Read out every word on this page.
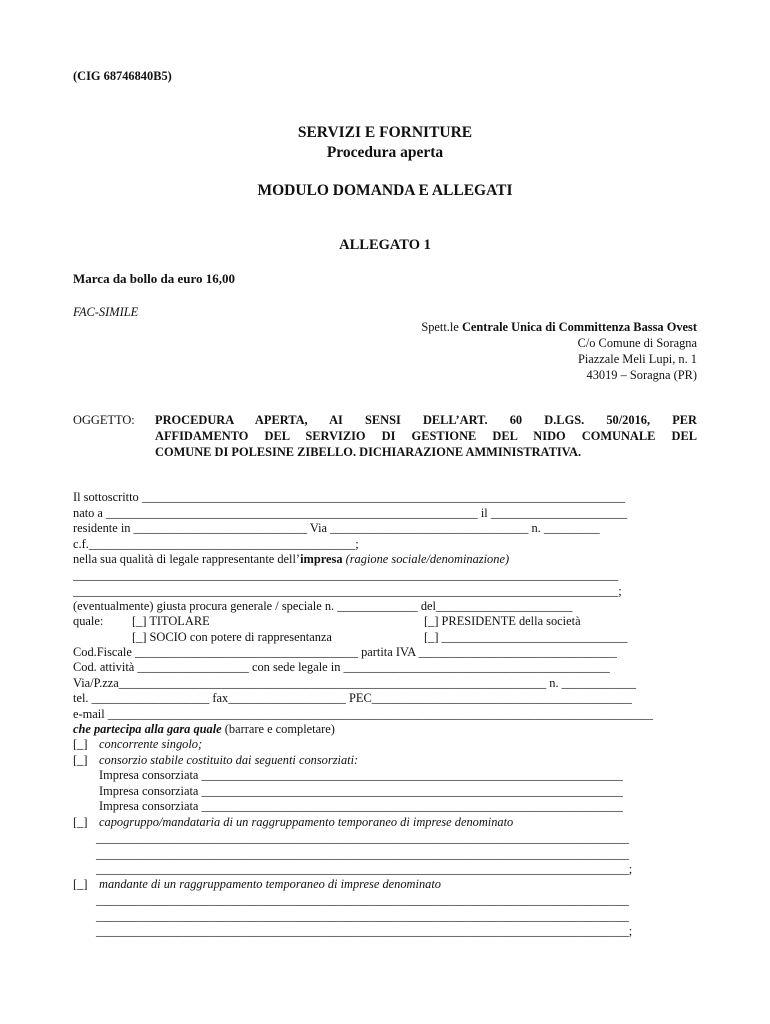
(CIG 68746840B5)
SERVIZI E FORNITURE
Procedura aperta
MODULO DOMANDA E ALLEGATI
ALLEGATO 1
Marca da bollo da euro 16,00
FAC-SIMILE
Spett.le Centrale Unica di Committenza Bassa Ovest
C/o Comune di Soragna
Piazzale Meli Lupi, n. 1
43019 – Soragna (PR)
OGGETTO: PROCEDURA APERTA, AI SENSI DELL’ART. 60 D.LGS. 50/2016, PER
AFFIDAMENTO DEL SERVIZIO DI GESTIONE DEL NIDO COMUNALE DEL
COMUNE DI POLESINE ZIBELLO. DICHIARAZIONE AMMINISTRATIVA.
Il sottoscritto ______________________________________________________________________________
nato a ____________________________________________________________ il ______________________
residente in ____________________________ Via ________________________________ n. _________
c.f.___________________________________________;
nella sua qualità di legale rappresentante dell’impresa (ragione sociale/denominazione)
________________________________________________________________________________________
________________________________________________________________________________________;
(eventualmente) giusta procura generale / speciale n. _____________ del______________________
quale: [_] TITOLARE	[_] PRESIDENTE della società
[_] SOCIO con potere di rappresentanza	[_] ______________________________
Cod.Fiscale ____________________________________ partita IVA ________________________________
Cod. attività __________________ con sede legale in ___________________________________________
Via/P.zza_____________________________________________________________________ n. ____________
tel. ___________________ fax___________________ PEC__________________________________________
e-mail ________________________________________________________________________________________
che partecipa alla gara quale (barrare e completare)
[_] concorrente singolo;
[_] consorzio stabile costituito dai seguenti consorziati:
Impresa consorziata ____________________________________________________________________
Impresa consorziata ____________________________________________________________________
Impresa consorziata ____________________________________________________________________
[_] capogruppo/mandataria di un raggruppamento temporaneo di imprese denominato
______________________________________________________________________________________
______________________________________________________________________________________
______________________________________________________________________________________;
[_] mandante di un raggruppamento temporaneo di imprese denominato
______________________________________________________________________________________
______________________________________________________________________________________
______________________________________________________________________________________;
